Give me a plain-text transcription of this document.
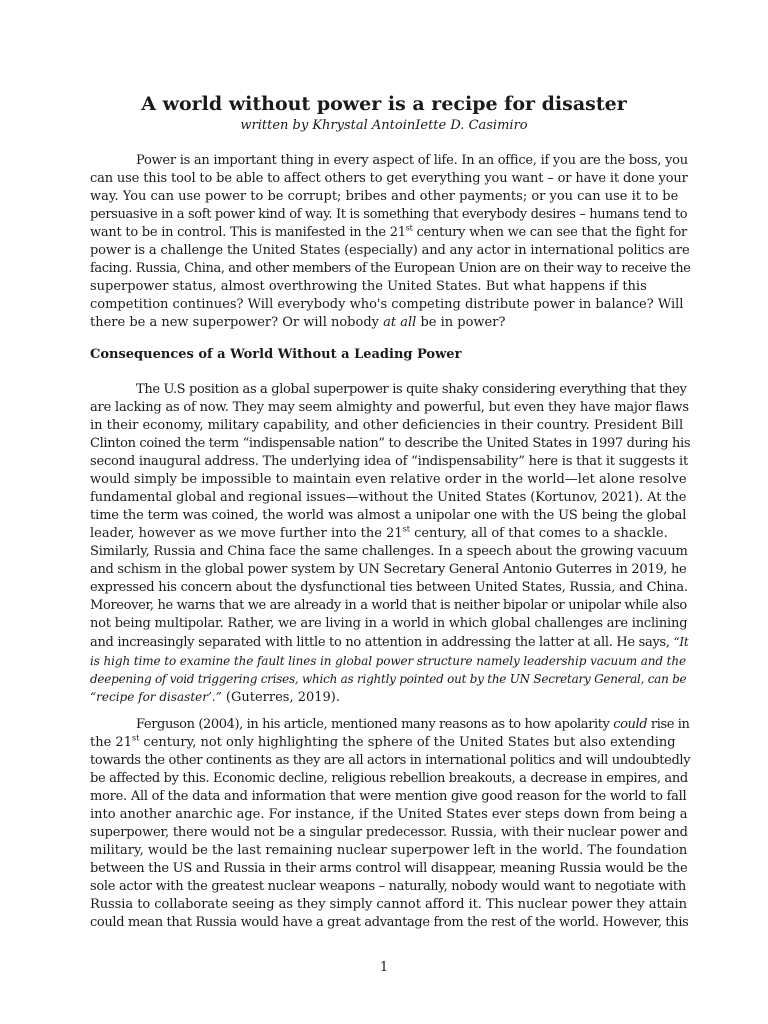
A world without power is a recipe for disaster
written by Khrystal AntoinIette D. Casimiro
Power is an important thing in every aspect of life. In an office, if you are the boss, you
can use this tool to be able to affect others to get everything you want – or have it done your
way. You can use power to be corrupt; bribes and other payments; or you can use it to be
persuasive in a soft power kind of way. It is something that everybody desires – humans tend to
want to be in control. This is manifested in the 21st century when we can see that the fight for
power is a challenge the United States (especially) and any actor in international politics are
facing. Russia, China, and other members of the European Union are on their way to receive the
superpower status, almost overthrowing the United States. But what happens if this
competition continues? Will everybody who's competing distribute power in balance? Will
there be a new superpower? Or will nobody at all be in power?
Consequences of a World Without a Leading Power
The U.S position as a global superpower is quite shaky considering everything that they
are lacking as of now. They may seem almighty and powerful, but even they have major flaws
in their economy, military capability, and other deficiencies in their country. President Bill
Clinton coined the term “indispensable nation” to describe the United States in 1997 during his
second inaugural address. The underlying idea of “indispensability” here is that it suggests it
would simply be impossible to maintain even relative order in the world—let alone resolve
fundamental global and regional issues—without the United States (Kortunov, 2021). At the
time the term was coined, the world was almost a unipolar one with the US being the global
leader, however as we move further into the 21st century, all of that comes to a shackle.
Similarly, Russia and China face the same challenges. In a speech about the growing vacuum
and schism in the global power system by UN Secretary General Antonio Guterres in 2019, he
expressed his concern about the dysfunctional ties between United States, Russia, and China.
Moreover, he warns that we are already in a world that is neither bipolar or unipolar while also
not being multipolar. Rather, we are living in a world in which global challenges are inclining
and increasingly separated with little to no attention in addressing the latter at all. He says, “It
is high time to examine the fault lines in global power structure namely leadership vacuum and the
deepening of void triggering crises, which as rightly pointed out by the UN Secretary General, can be
“recipe for disaster’.” (Guterres, 2019).
Ferguson (2004), in his article, mentioned many reasons as to how apolarity could rise in
the 21st century, not only highlighting the sphere of the United States but also extending
towards the other continents as they are all actors in international politics and will undoubtedly
be affected by this. Economic decline, religious rebellion breakouts, a decrease in empires, and
more. All of the data and information that were mention give good reason for the world to fall
into another anarchic age. For instance, if the United States ever steps down from being a
superpower, there would not be a singular predecessor. Russia, with their nuclear power and
military, would be the last remaining nuclear superpower left in the world. The foundation
between the US and Russia in their arms control will disappear, meaning Russia would be the
sole actor with the greatest nuclear weapons – naturally, nobody would want to negotiate with
Russia to collaborate seeing as they simply cannot afford it. This nuclear power they attain
could mean that Russia would have a great advantage from the rest of the world. However, this
1
